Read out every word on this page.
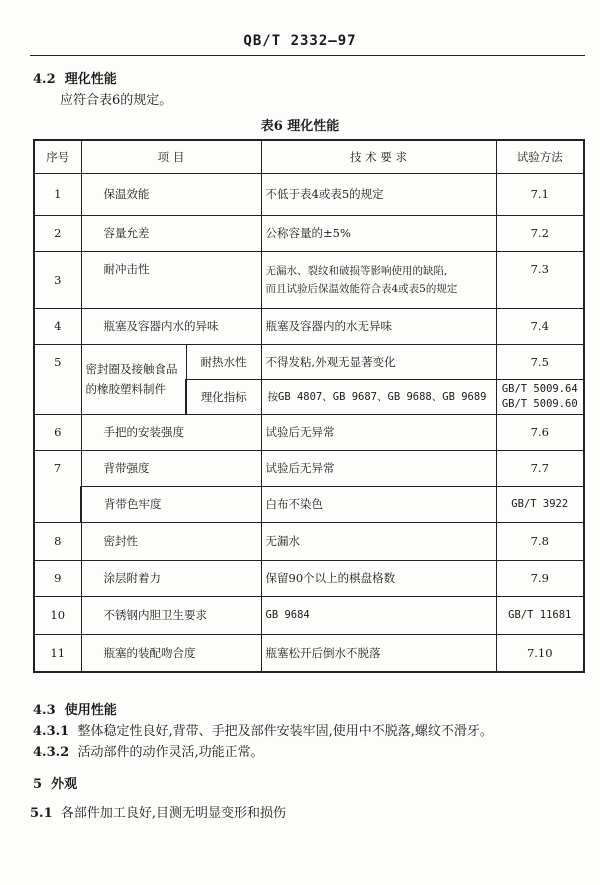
QB/T 2332—97
4.2 理化性能
应符合表6的规定。
表6 理化性能
序号	项 目		技 术 要 求	试验方法
1	保温效能		不低于表4或表5的规定	7.1
2	容量允差		公称容量的±5%	7.2
3	耐冲击性		无漏水、裂纹和破损等影响使用的缺陷,
而且试验后保温效能符合表4或表5的规定	7.3
4	瓶塞及容器内水的异味		瓶塞及容器内的水无异味	7.4
5	密封圈及接触食品的橡胶塑料制件	耐热水性	不得发粘,外观无显著变化	7.5
		理化指标	按GB 4807、GB 9687、GB 9688、GB 9689	GB/T 5009.64
GB/T 5009.60

6	手把的安装强度		试验后无异常	7.6
7	背带强度		试验后无异常	7.7
	背带色牢度		白布不染色	GB/T 3922
8	密封性		无漏水	7.8
9	涂层附着力		保留90个以上的棋盘格数	7.9
10	不锈钢内胆卫生要求		GB 9684	GB/T 11681
11	瓶塞的装配吻合度		瓶塞松开后倒水不脱落	7.10
4.3 使用性能
4.3.1 整体稳定性良好,背带、手把及部件安装牢固,使用中不脱落,螺纹不滑牙。
4.3.2 活动部件的动作灵活,功能正常。
5 外观
5.1 各部件加工良好,目测无明显变形和损伤
